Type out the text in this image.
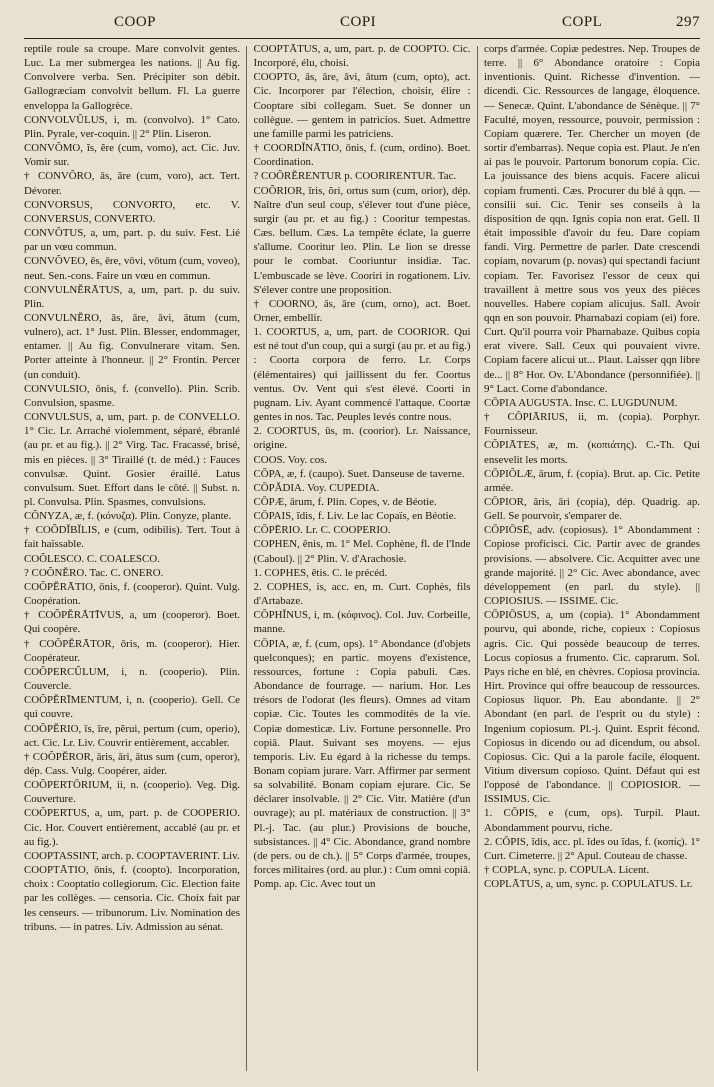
COOP	COPI	COPL	297

reptile roule sa croupe. Mare convolvit gentes. Luc. La mer submergea les nations. || Au fig. Convolvere verba. Sen. Précipiter son débit. Gallogræciam convolvit bellum. Fl. La guerre enveloppa la Gallogrèce.

CONVOLVŬLUS, i, m. (convolvo). 1° Cato. Plin. Pyrale, ver-coquin. || 2° Plin. Liseron.

CONVŎMO, ĭs, ĕre (cum, vomo), act. Cic. Juv. Vomir sur.

† CONVŎRO, ās, āre (cum, voro), act. Tert. Dévorer.

CONVORSUS, CONVORTO, etc. V. CONVERSUS, CONVERTO.

CONVŎTUS, a, um, part. p. du suiv. Fest. Lié par un vœu commun.

CONVŎVEO, ēs, ēre, vōvi, vōtum (cum, voveo), neut. Sen.-cons. Faire un vœu en commun.

CONVULNĔRĀTUS, a, um, part. p. du suiv. Plin.

CONVULNĔRO, ās, āre, āvi, ātum (cum, vulnero), act. 1° Just. Plin. Blesser, endommager, entamer. || Au fig. Convulnerare vitam. Sen. Porter atteinte à l'honneur. || 2° Frontin. Percer (un conduit).

CONVULSIO, ōnis, f. (convello). Plin. Scrib. Convulsion, spasme.

CONVULSUS, a, um, part. p. de CONVELLO. 1° Cic. Lr. Arraché violemment, séparé, ébranlé (au pr. et au fig.). || 2° Virg. Tac. Fracassé, brisé, mis en pièces. || 3° Tiraillé (t. de méd.) : Fauces convulsæ. Quint. Gosier éraillé. Latus convulsum. Suet. Effort dans le côté. || Subst. n. pl. Convulsa. Plin. Spasmes, convulsions.

CŎNYZA, æ, f. (κόνυζα). Plin. Conyze, plante.

† COŎDĬBĬLIS, e (cum, odibilis). Tert. Tout à fait haïssable.

COŎLESCO. C. COALESCO.

? COŎNĔRO. Tac. C. ONERO.

COŎPĔRĀTIO, ōnis, f. (cooperor). Quint. Vulg. Coopération.

† COŎPĔRĀTĪVUS, a, um (cooperor). Boet. Qui coopère.

† COŎPĔRĀTOR, ōris, m. (cooperor). Hier. Coopérateur.

COŎPERCŬLUM, i, n. (cooperio). Plin. Couvercle.

COŎPĔRĪMENTUM, i, n. (cooperio). Gell. Ce qui couvre.

COŎPĔRIO, īs, īre, pĕrui, pertum (cum, operio), act. Cic. Lr. Liv. Couvrir entièrement, accabler.

† COŎPĔROR, āris, āri, ātus sum (cum, operor), dép. Cass. Vulg. Coopérer, aider.

COŎPERTŌRIUM, ii, n. (cooperio). Veg. Dig. Couverture.

COŎPERTUS, a, um, part. p. de COOPERIO. Cic. Hor. Couvert entièrement, accablé (au pr. et au fig.).

COOPTASSINT, arch. p. COOPTAVERINT. Liv.

COOPTĀTIO, ōnis, f. (coopto). Incorporation, choix : Cooptatio collegiorum. Cic. Election faite par les collèges. — censoria. Cic. Choix fait par les censeurs. — tribunorum. Liv. Nomination des tribuns. — in patres. Liv. Admission au sénat.

COOPTĀTUS, a, um, part. p. de COOPTO. Cic. Incorporé, élu, choisi.

COOPTO, ās, āre, āvi, ātum (cum, opto), act. Cic. Incorporer par l'élection, choisir, élire : Cooptare sibi collegam. Suet. Se donner un collègue. — gentem in patricios. Suet. Admettre une famille parmi les patriciens.

† COORDĬNĀTIO, ōnis, f. (cum, ordino). Boet. Coordination.

? COŎRĔRENTUR p. COORIRENTUR. Tac.

COŎRIOR, īris, ŏri, ortus sum (cum, orior), dép. Naître d'un seul coup, s'élever tout d'une pièce, surgir (au pr. et au fig.) : Cooritur tempestas. Cæs. bellum. Cæs. La tempête éclate, la guerre s'allume. Cooritur leo. Plin. Le lion se dresse pour le combat. Cooriuntur insidiæ. Tac. L'embuscade se lève. Cooriri in rogationem. Liv. S'élever contre une proposition.

† COORNO, ās, āre (cum, orno), act. Boet. Orner, embellir.

1. COORTUS, a, um, part. de COORIOR. Qui est né tout d'un coup, qui a surgi (au pr. et au fig.) : Coorta corpora de ferro. Lr. Corps (élémentaires) qui jaillissent du fer. Coortus ventus. Ov. Vent qui s'est élevé. Coorti in pugnam. Liv. Ayant commencé l'attaque. Coortæ gentes in nos. Tac. Peuples levés contre nous.

2. COORTUS, ūs, m. (coorior). Lr. Naissance, origine.

COOS. Voy. cos.

CŌPA, æ, f. (caupo). Suet. Danseuse de taverne.

CŌPĂDIA. Voy. CUPEDIA.

CŌPÆ, ārum, f. Plin. Copes, v. de Béotie.

CŌPAIS, ĭdis, f. Liv. Le lac Copaïs, en Béotie.

CŌPĒRIO. Lr. C. COOPERIO.

COPHEN, ēnis, m. 1° Mel. Cophène, fl. de l'Inde (Caboul). || 2° Plin. V. d'Arachosie.

1. COPHES, ētis. C. le précéd.

2. COPHES, is, acc. en, m. Curt. Cophès, fils d'Artabaze.

CŎPHĬNUS, i, m. (κόφινος). Col. Juv. Corbeille, manne.

CŌPIA, æ, f. (cum, ops). 1° Abondance (d'objets quelconques); en partic. moyens d'existence, ressources, fortune : Copia pabuli. Cæs. Abondance de fourrage. — narium. Hor. Les trésors de l'odorat (les fleurs). Omnes ad vitam copiæ. Cic. Toutes les commodités de la vie. Copiæ domesticæ. Liv. Fortune personnelle. Pro copiā. Plaut. Suivant ses moyens. — ejus temporis. Liv. Eu égard à la richesse du temps. Bonam copiam jurare. Varr. Affirmer par serment sa solvabilité. Bonam copiam ejurare. Cic. Se déclarer insolvable. || 2° Cic. Vitr. Matière (d'un ouvrage); au pl. matériaux de construction. || 3° Pl.-j. Tac. (au plur.) Provisions de bouche, subsistances. || 4° Cic. Abondance, grand nombre (de pers. ou de ch.). || 5° Corps d'armée, troupes, forces militaires (ord. au plur.) : Cum omni copiā. Pomp. ap. Cic. Avec tout un

corps d'armée. Copiæ pedestres. Nep. Troupes de terre. || 6° Abondance oratoire : Copia inventionis. Quint. Richesse d'invention. — dicendi. Cic. Ressources de langage, éloquence. — Senecæ. Quint. L'abondance de Sénèque. || 7° Faculté, moyen, ressource, pouvoir, permission : Copiam quærere. Ter. Chercher un moyen (de sortir d'embarras). Neque copia est. Plaut. Je n'en ai pas le pouvoir. Partorum bonorum copia. Cic. La jouissance des biens acquis. Facere alicui copiam frumenti. Cæs. Procurer du blé à qqn. — consilii sui. Cic. Tenir ses conseils à la disposition de qqn. Ignis copia non erat. Gell. Il était impossible d'avoir du feu. Dare copiam fandi. Virg. Permettre de parler. Date crescendi copiam, novarum (p. novas) qui spectandi faciunt copiam. Ter. Favorisez l'essor de ceux qui travaillent à mettre sous vos yeux des pièces nouvelles. Habere copiam alicujus. Sall. Avoir qqn en son pouvoir. Pharnabazi copiam (ei) fore. Curt. Qu'il pourra voir Pharnabaze. Quibus copia erat vivere. Sall. Ceux qui pouvaient vivre. Copiam facere alicui ut... Plaut. Laisser qqn libre de... || 8° Hor. Ov. L'Abondance (personnifiée). || 9° Lact. Corne d'abondance.

CŌPIA AUGUSTA. Insc. C. LUGDUNUM.

† CŌPIĀRIUS, ii, m. (copia). Porphyr. Fournisseur.

CŎPIĀTES, æ, m. (κοπιάτης). C.-Th. Qui ensevelit les morts.

CŌPIŎLÆ, ārum, f. (copia). Brut. ap. Cic. Petite armée.

CŌPIOR, āris, āri (copia), dép. Quadrig. ap. Gell. Se pourvoir, s'emparer de.

CŌPIŌSĒ, adv. (copiosus). 1° Abondamment : Copiose proficisci. Cic. Partir avec de grandes provisions. — absolvere. Cic. Acquitter avec une grande majorité. || 2° Cic. Avec abondance, avec développement (en parl. du style). || COPIOSIUS. — ISSIME. Cic.

CŌPIŌSUS, a, um (copia). 1° Abondamment pourvu, qui abonde, riche, copieux : Copiosus agris. Cic. Qui possède beaucoup de terres. Locus copiosus a frumento. Cic. caprarum. Sol. Pays riche en blé, en chèvres. Copiosa provincia. Hirt. Province qui offre beaucoup de ressources. Copiosus liquor. Ph. Eau abondante. || 2° Abondant (en parl. de l'esprit ou du style) : Ingenium copiosum. Pl.-j. Quint. Esprit fécond. Copiosus in dicendo ou ad dicendum, ou absol. Copiosus. Cic. Qui a la parole facile, éloquent. Vitium diversum copioso. Quint. Défaut qui est l'opposé de l'abondance. || COPIOSIOR. — ISSIMUS. Cic.

1. CŌPIS, e (cum, ops). Turpil. Plaut. Abondamment pourvu, riche.

2. CŌPIS, ĭdis, acc. pl. ĭdes ou ĭdas, f. (κοπίς). 1° Curt. Cimeterre. || 2° Apul. Couteau de chasse.

† COPLA, sync. p. COPULA. Licent.

COPLĀTUS, a, um, sync. p. COPULATUS. Lr.
